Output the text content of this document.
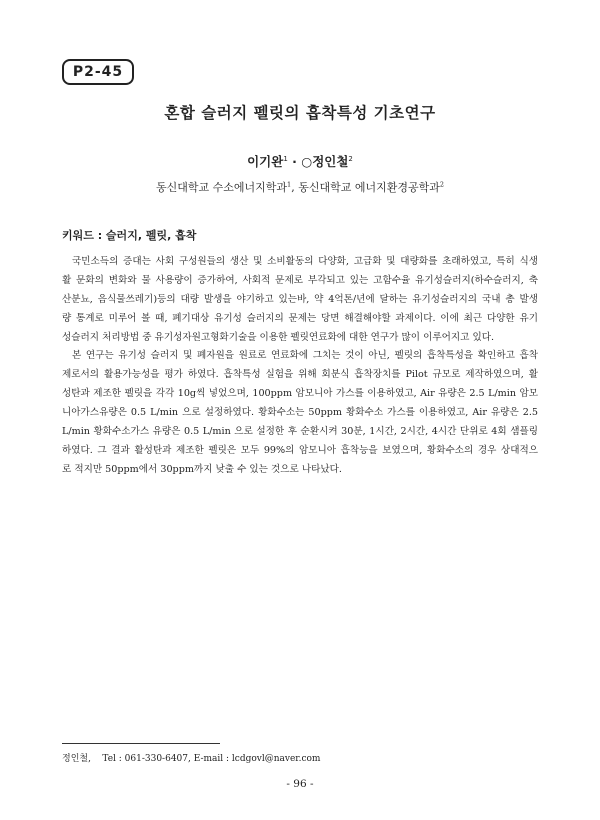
P2-45
혼합 슬러지 펠릿의 흡착특성 기초연구
이기완$^1$ · ○정인철$^2$
동신대학교 수소에너지학과$^1$, 동신대학교 에너지환경공학과$^2$
키워드 : 슬러지, 펠릿, 흡착
국민소득의 증대는 사회 구성원들의 생산 및 소비활동의 다양화, 고급화 및 대량화를 초래하였고, 특히 식생
활 문화의 변화와 물 사용량이 증가하여, 사회적 문제로 부각되고 있는 고함수율 유기성슬러지(하수슬러지, 축
산분뇨, 음식물쓰레기)등의 대량 발생을 야기하고 있는바, 약 4억톤/년에 달하는 유기성슬러지의 국내 총 발생
량 통계로 미루어 볼 때, 폐기대상 유기성 슬러지의 문제는 당면 해결해야할 과제이다. 이에 최근 다양한 유기
성슬러지 처리방법 중 유기성자원고형화기술을 이용한 펠릿연료화에 대한 연구가 많이 이루어지고 있다.
본 연구는 유기성 슬러지 및 폐자원을 원료로 연료화에 그치는 것이 아닌, 펠릿의 흡착특성을 확인하고 흡착
제로서의 활용가능성을 평가 하였다. 흡착특성 실험을 위해 회분식 흡착장치를 Pilot 규모로 제작하였으며, 활
성탄과 제조한 펠릿을 각각 10g씩 넣었으며, 100ppm 암모니아 가스를 이용하였고, Air 유량은 2.5 L/min 암모
니아가스유량은 0.5 L/min 으로 설정하였다. 황화수소는 50ppm 황화수소 가스를 이용하였고, Air 유량은 2.5
L/min 황화수소가스 유량은 0.5 L/min 으로 설정한 후 순환시켜 30분, 1시간, 2시간, 4시간 단위로 4회 샘플링
하였다. 그 결과 활성탄과 제조한 펠릿은 모두 99%의 암모니아 흡착능을 보였으며, 황화수소의 경우 상대적으
로 적지만 50ppm에서 30ppm까지 낮출 수 있는 것으로 나타났다.
정인철,    Tel : 061-330-6407, E-mail : lcdgovl@naver.com
- 96 -
